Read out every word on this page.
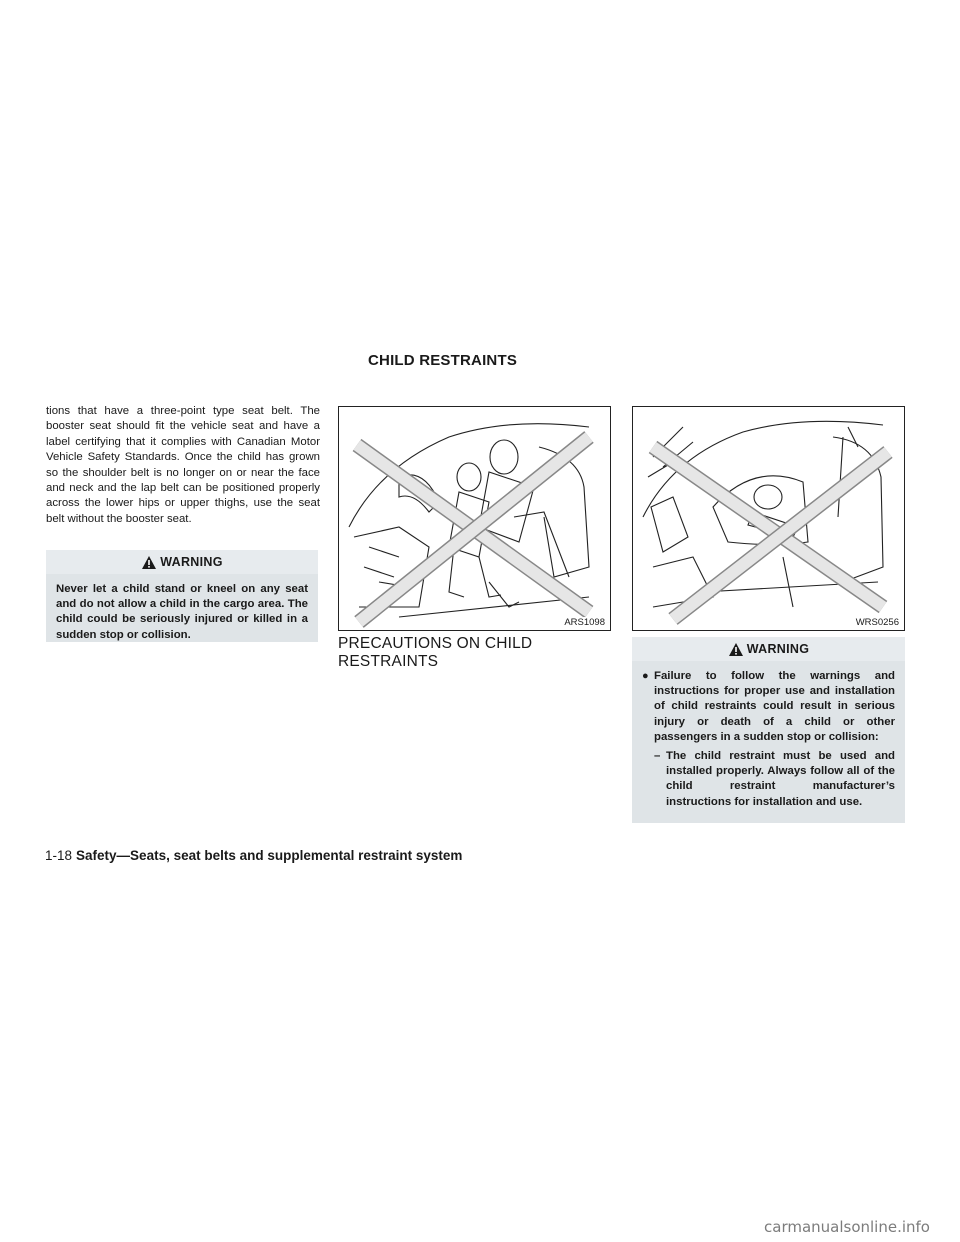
CHILD RESTRAINTS
tions that have a three-point type seat belt. The booster seat should fit the vehicle seat and have a label certifying that it complies with Canadian Motor Vehicle Safety Standards. Once the child has grown so the shoulder belt is no longer on or near the face and neck and the lap belt can be positioned properly across the lower hips or upper thighs, use the seat belt without the booster seat.
WARNING
Never let a child stand or kneel on any seat and do not allow a child in the cargo area. The child could be seriously injured or killed in a sudden stop or collision.
ARS1098	WRS0256
PRECAUTIONS ON CHILD RESTRAINTS
WARNING
● Failure to follow the warnings and instructions for proper use and installation of child restraints could result in serious injury or death of a child or other passengers in a sudden stop or collision:
– The child restraint must be used and installed properly. Always follow all of the child restraint manufacturer’s instructions for installation and use.
1-18 Safety—Seats, seat belts and supplemental restraint system
carmanualsonline.info
